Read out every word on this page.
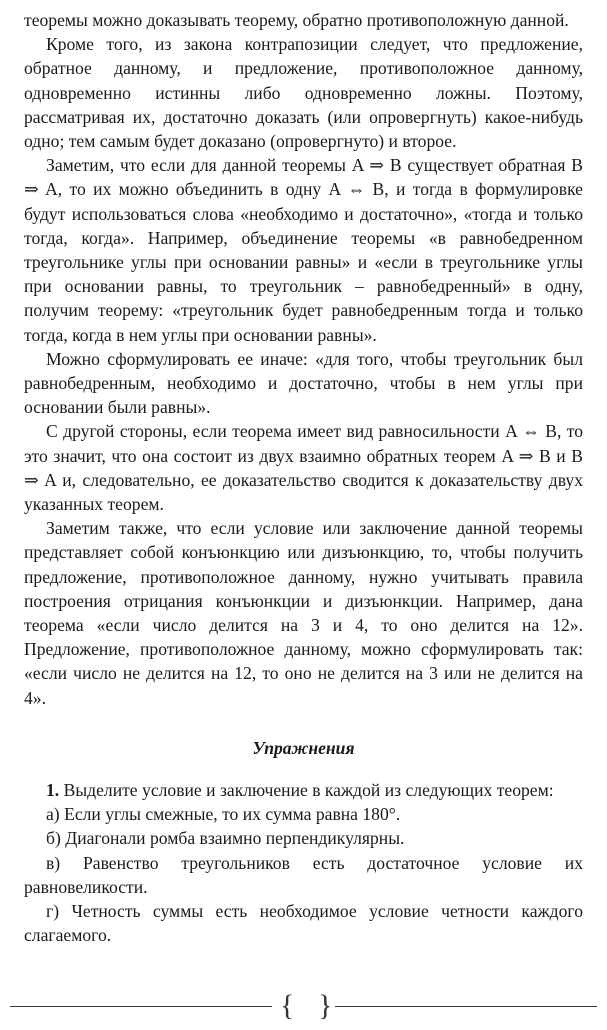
теоремы можно доказывать теорему, обратно противоположную данной.

Кроме того, из закона контрапозиции следует, что предложение, обратное данному, и предложение, противоположное данному, одновременно истинны либо одновременно ложны. Поэтому, рассматривая их, достаточно доказать (или опровергнуть) какое-нибудь одно; тем самым будет доказано (опровергнуто) и второе.

Заметим, что если для данной теоремы A ⇒ B существует обратная B ⇒ A, то их можно объединить в одну A ⇔ B, и тогда в формулировке будут использоваться слова «необходимо и достаточно», «тогда и только тогда, когда». Например, объединение теоремы «в равнобедренном треугольнике углы при основании равны» и «если в треугольнике углы при основании равны, то треугольник – равнобедренный» в одну, получим теорему: «треугольник будет равнобедренным тогда и только тогда, когда в нем углы при основании равны».

Можно сформулировать ее иначе: «для того, чтобы треугольник был равнобедренным, необходимо и достаточно, чтобы в нем углы при основании были равны».

С другой стороны, если теорема имеет вид равносильности A ⇔ B, то это значит, что она состоит из двух взаимно обратных теорем A ⇒ B и B ⇒ A и, следовательно, ее доказательство сводится к доказательству двух указанных теорем.

Заметим также, что если условие или заключение данной теоремы представляет собой конъюнкцию или дизъюнкцию, то, чтобы получить предложение, противоположное данному, нужно учитывать правила построения отрицания конъюнкции и дизъюнкции. Например, дана теорема «если число делится на 3 и 4, то оно делится на 12». Предложение, противоположное данному, можно сформулировать так: «если число не делится на 12, то оно не делится на 3 или не делится на 4».

Упражнения

1. Выделите условие и заключение в каждой из следующих теорем:

а) Если углы смежные, то их сумма равна 180°.

б) Диагонали ромба взаимно перпендикулярны.

в) Равенство треугольников есть достаточное условие их равновеликости.

г) Четность суммы есть необходимое условие четности каждого слагаемого.

{ }
